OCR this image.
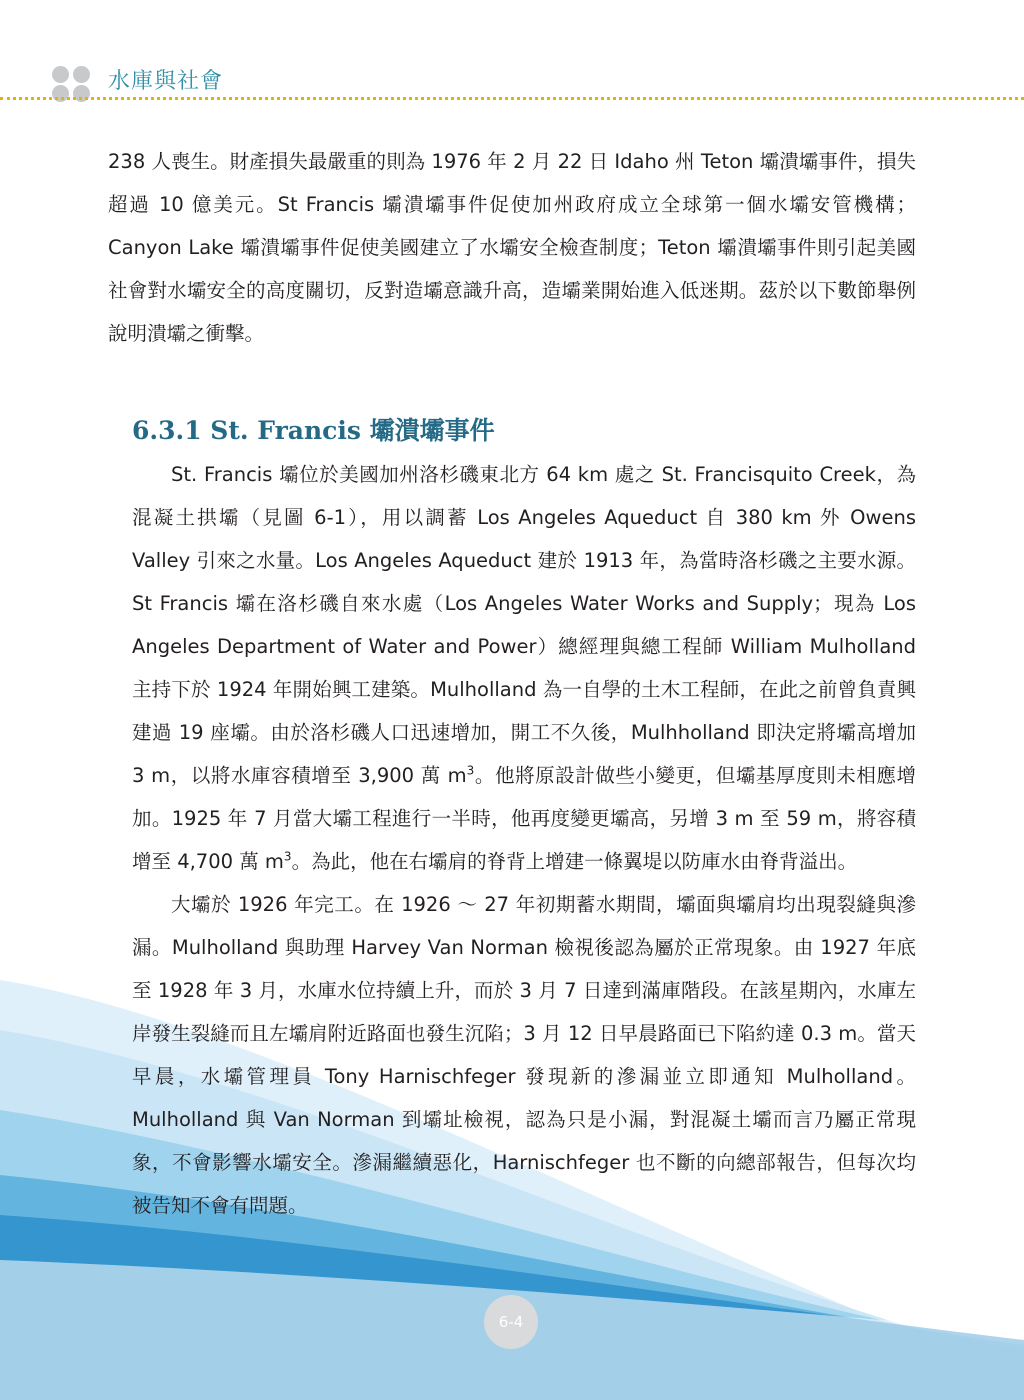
水庫與社會

238 人喪生。財產損失最嚴重的則為 1976 年 2 月 22 日 Idaho 州 Teton 壩潰壩事件，損失超過 10 億美元。St Francis 壩潰壩事件促使加州政府成立全球第一個水壩安管機構；Canyon Lake 壩潰壩事件促使美國建立了水壩安全檢查制度；Teton 壩潰壩事件則引起美國社會對水壩安全的高度關切，反對造壩意識升高，造壩業開始進入低迷期。茲於以下數節舉例說明潰壩之衝擊。

6.3.1 St. Francis 壩潰壩事件

St. Francis 壩位於美國加州洛杉磯東北方 64 km 處之 St. Francisquito Creek，為混凝土拱壩（見圖 6-1），用以調蓄 Los Angeles Aqueduct 自 380 km 外 Owens Valley 引來之水量。Los Angeles Aqueduct 建於 1913 年，為當時洛杉磯之主要水源。St Francis 壩在洛杉磯自來水處（Los Angeles Water Works and Supply；現為 Los Angeles Department of Water and Power）總經理與總工程師 William Mulholland 主持下於 1924 年開始興工建築。Mulholland 為一自學的土木工程師，在此之前曾負責興建過 19 座壩。由於洛杉磯人口迅速增加，開工不久後，Mulhholland 即決定將壩高增加 3 m，以將水庫容積增至 3,900 萬 $m^3$。他將原設計做些小變更，但壩基厚度則未相應增加。1925 年 7 月當大壩工程進行一半時，他再度變更壩高，另增 3 m 至 59 m，將容積增至 4,700 萬 $m^3$。為此，他在右壩肩的脊背上增建一條翼堤以防庫水由脊背溢出。

大壩於 1926 年完工。在 1926 ～ 27 年初期蓄水期間，壩面與壩肩均出現裂縫與滲漏。Mulholland 與助理 Harvey Van Norman 檢視後認為屬於正常現象。由 1927 年底至 1928 年 3 月，水庫水位持續上升，而於 3 月 7 日達到滿庫階段。在該星期內，水庫左岸發生裂縫而且左壩肩附近路面也發生沉陷；3 月 12 日早晨路面已下陷約達 0.3 m。當天早晨，水壩管理員 Tony Harnischfeger 發現新的滲漏並立即通知 Mulholland。Mulholland 與 Van Norman 到壩址檢視，認為只是小漏，對混凝土壩而言乃屬正常現象，不會影響水壩安全。滲漏繼續惡化，Harnischfeger 也不斷的向總部報告，但每次均被告知不會有問題。

6-4
